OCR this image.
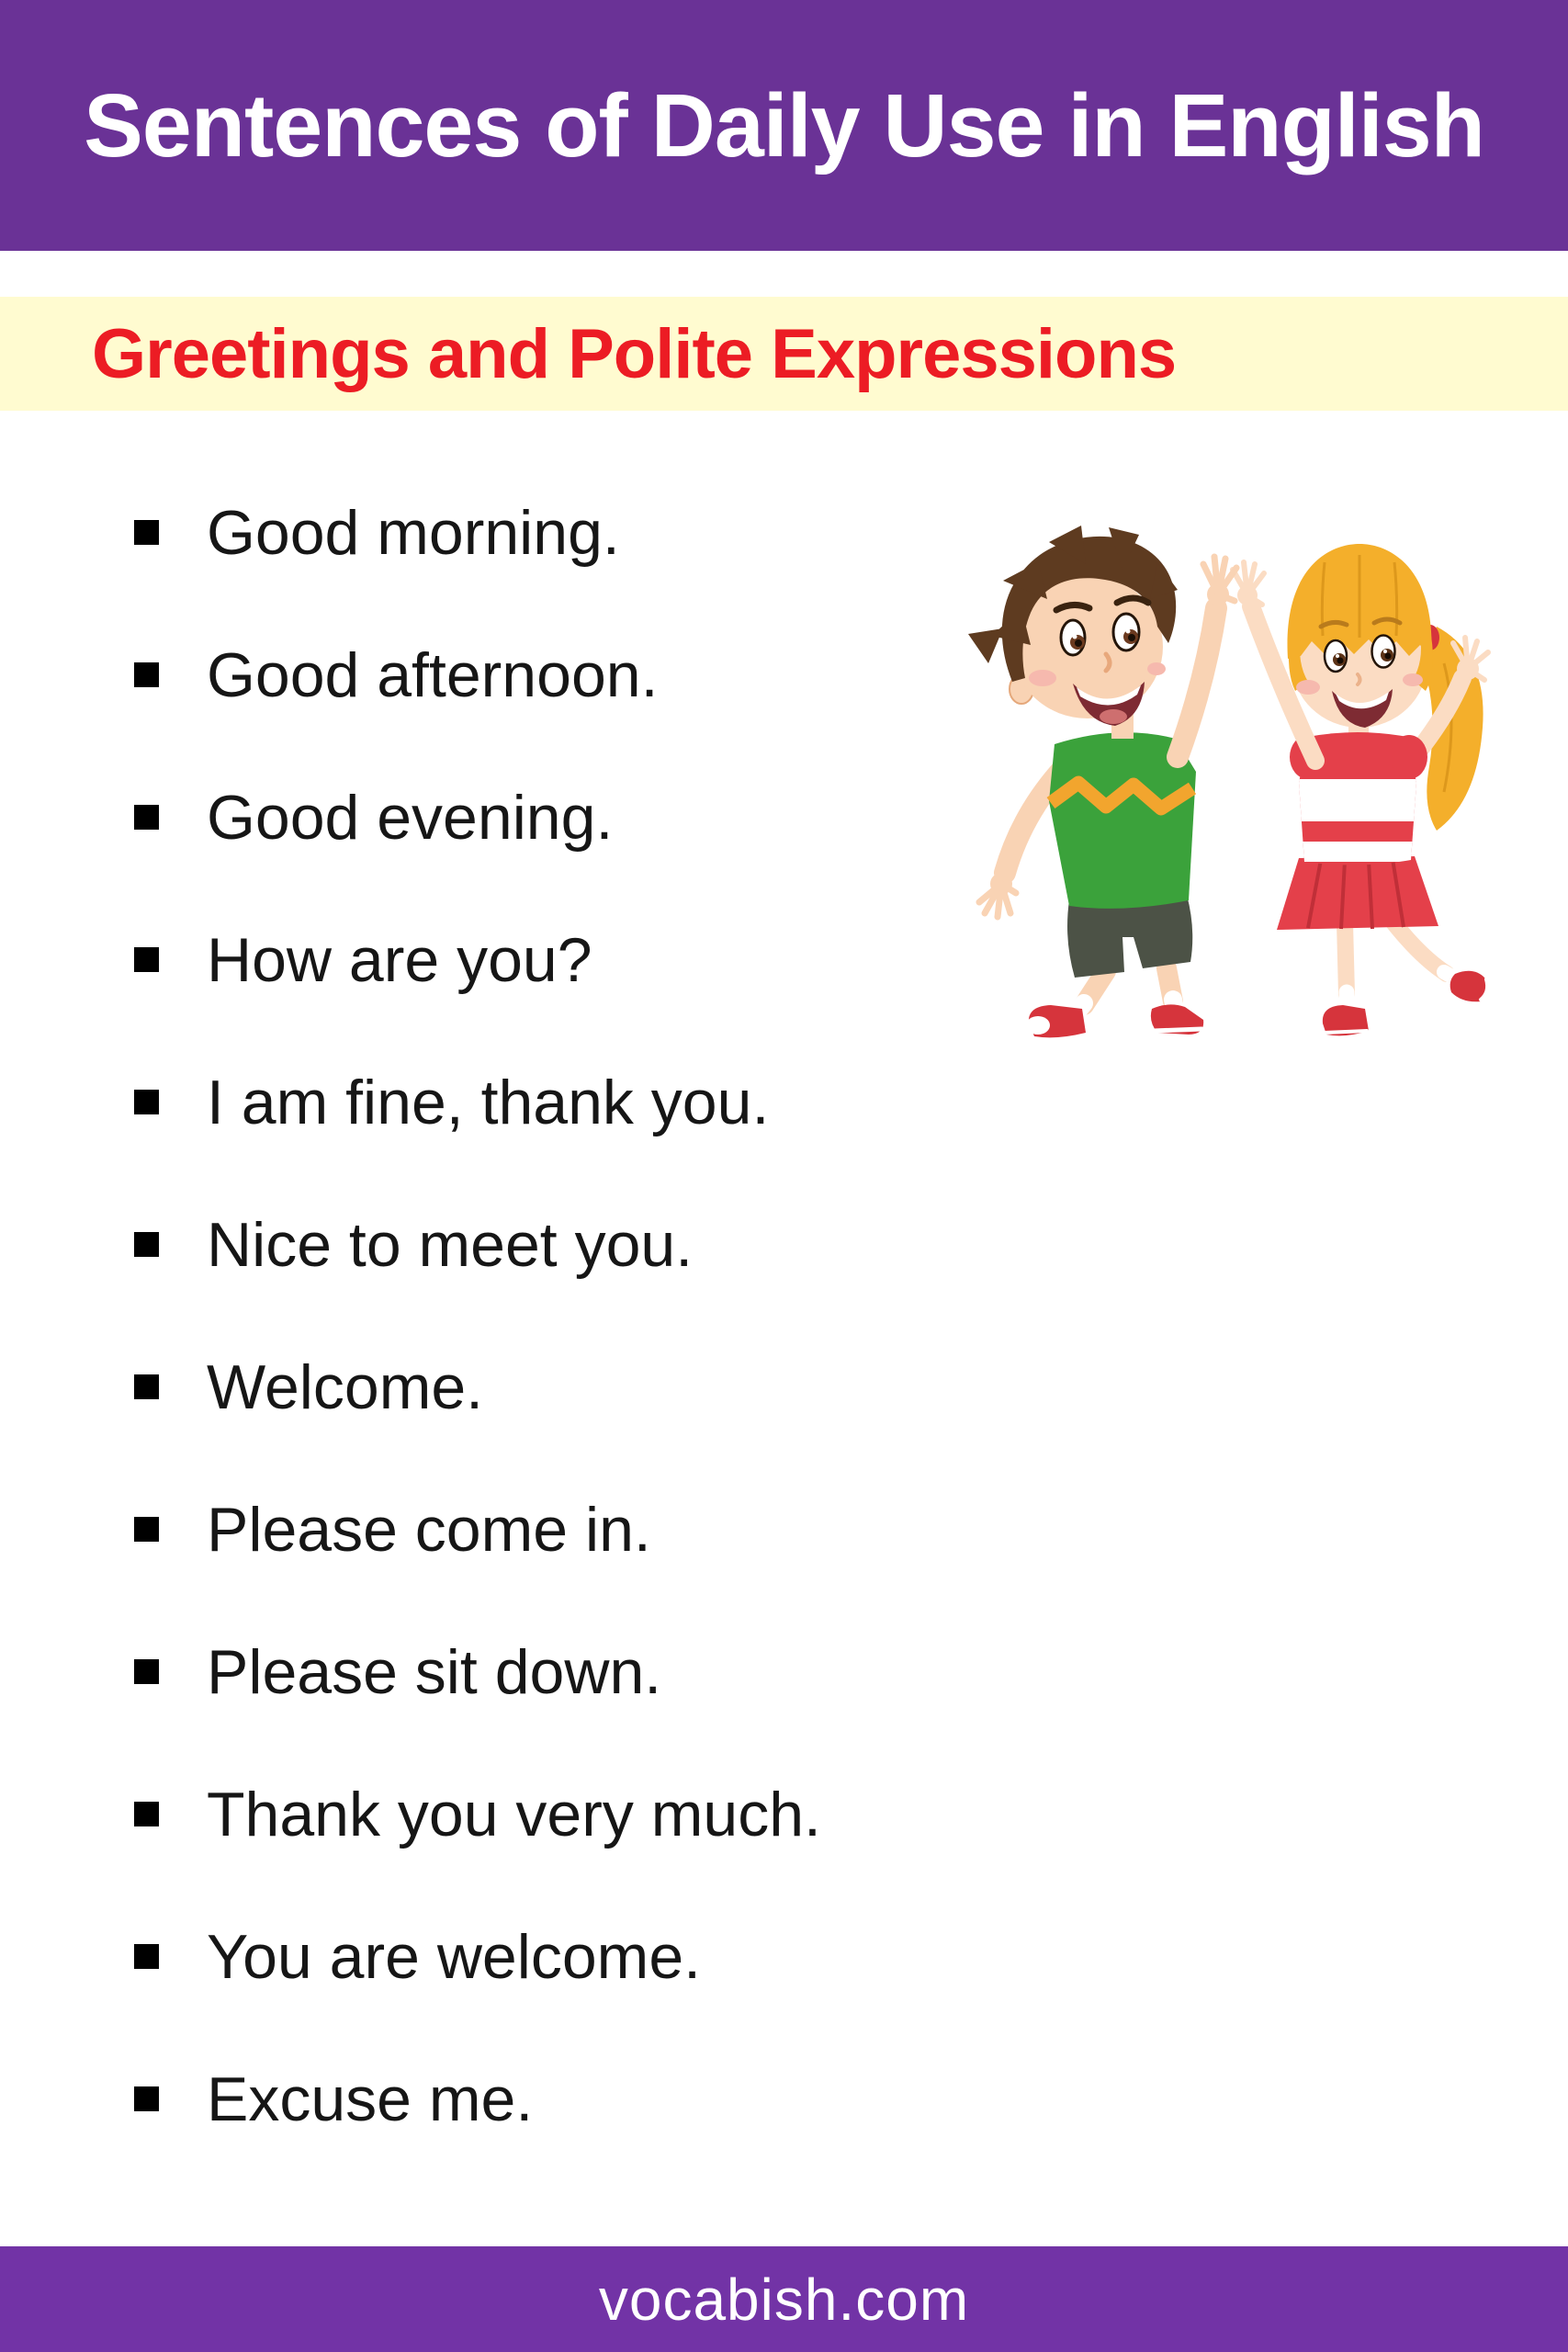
Sentences of Daily Use in English
Greetings and Polite Expressions
Good morning.
Good afternoon.
Good evening.
How are you?
I am fine, thank you.
Nice to meet you.
Welcome.
Please come in.
Please sit down.
Thank you very much.
You are welcome.
Excuse me.
vocabish.com
